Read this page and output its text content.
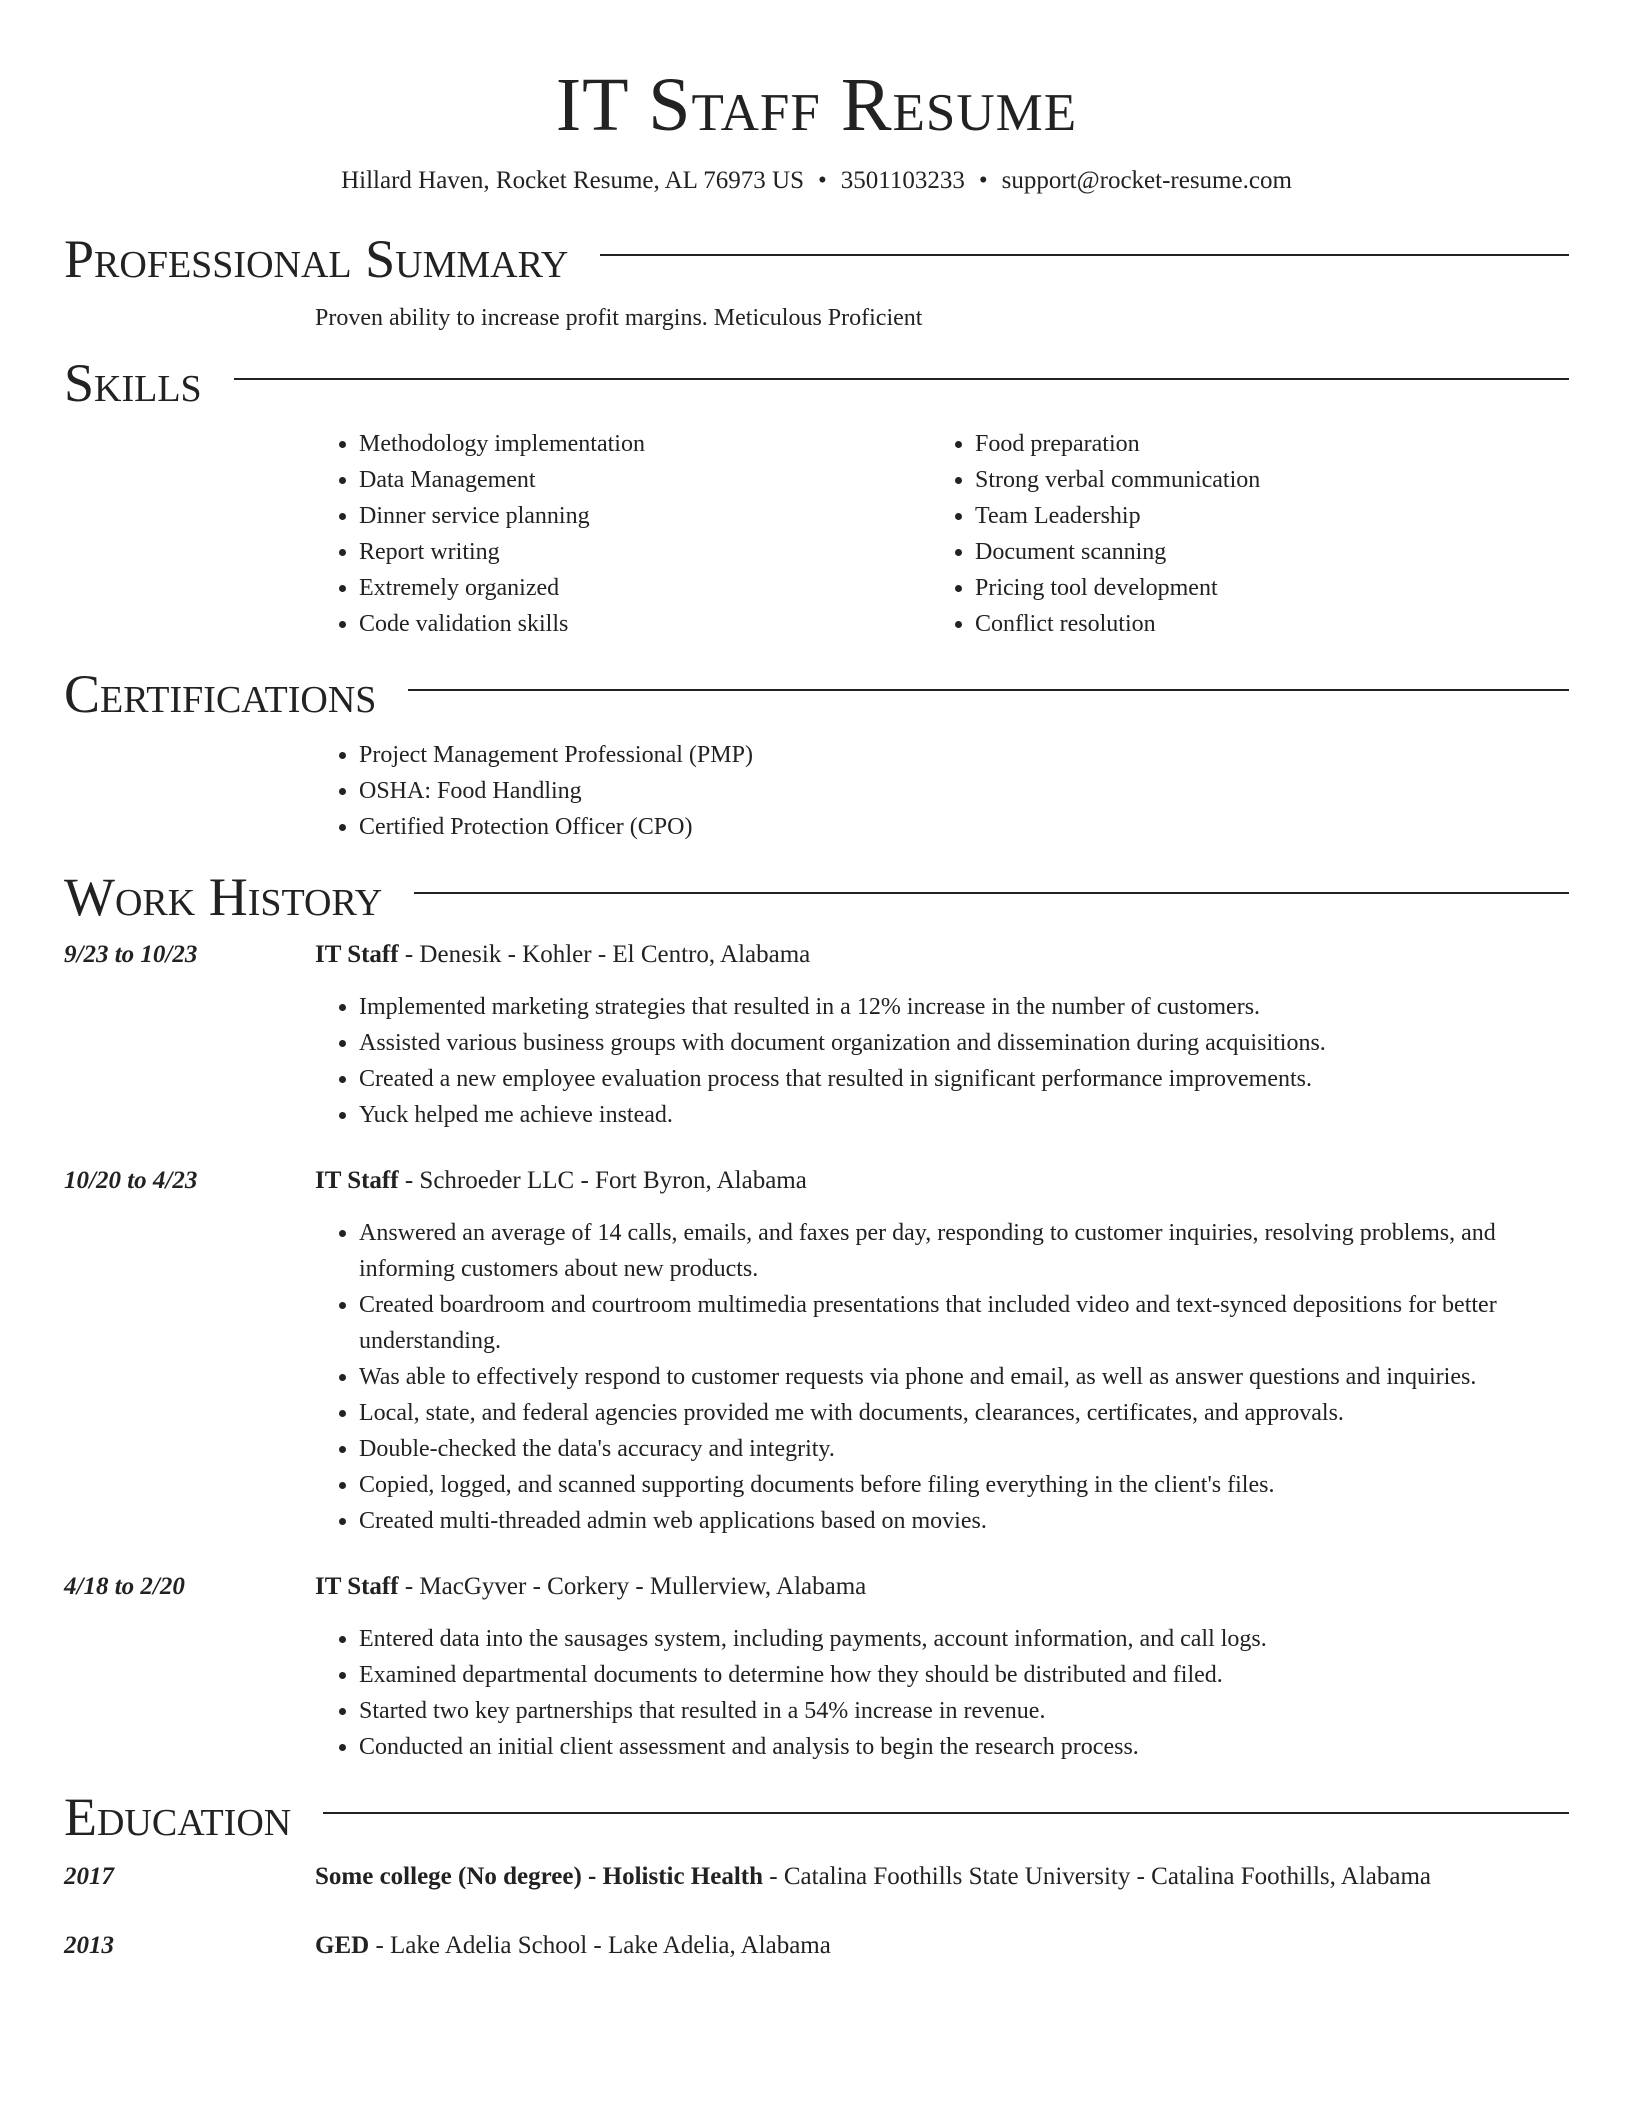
IT Staff Resume
Hillard Haven, Rocket Resume, AL 76973 US • 3501103233 • support@rocket-resume.com
Professional Summary

Proven ability to increase profit margins. Meticulous Proficient

Skills
• Methodology implementation
• Data Management
• Dinner service planning
• Report writing
• Extremely organized
• Code validation skills
• Food preparation
• Strong verbal communication
• Team Leadership
• Document scanning
• Pricing tool development
• Conflict resolution
Certifications
• Project Management Professional (PMP)
• OSHA: Food Handling
• Certified Protection Officer (CPO)
Work History
9/23 to 10/23	IT Staff - Denesik - Kohler - El Centro, Alabama
• Implemented marketing strategies that resulted in a 12% increase in the number of customers.
• Assisted various business groups with document organization and dissemination during acquisitions.
• Created a new employee evaluation process that resulted in significant performance improvements.
• Yuck helped me achieve instead.
10/20 to 4/23	IT Staff - Schroeder LLC - Fort Byron, Alabama
• Answered an average of 14 calls, emails, and faxes per day, responding to customer inquiries, resolving problems, and informing customers about new products.
• Created boardroom and courtroom multimedia presentations that included video and text-synced depositions for better understanding.
• Was able to effectively respond to customer requests via phone and email, as well as answer questions and inquiries.
• Local, state, and federal agencies provided me with documents, clearances, certificates, and approvals.
• Double-checked the data's accuracy and integrity.
• Copied, logged, and scanned supporting documents before filing everything in the client's files.
• Created multi-threaded admin web applications based on movies.
4/18 to 2/20	IT Staff - MacGyver - Corkery - Mullerview, Alabama
• Entered data into the sausages system, including payments, account information, and call logs.
• Examined departmental documents to determine how they should be distributed and filed.
• Started two key partnerships that resulted in a 54% increase in revenue.
• Conducted an initial client assessment and analysis to begin the research process.
Education
2017	Some college (No degree) - Holistic Health - Catalina Foothills State University - Catalina Foothills, Alabama
2013	GED - Lake Adelia School - Lake Adelia, Alabama
